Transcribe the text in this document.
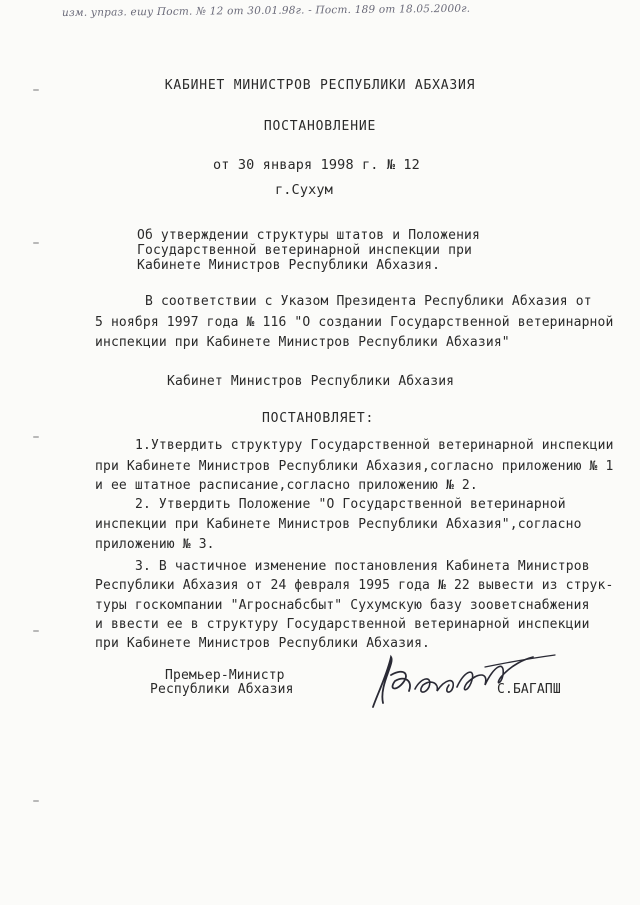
изм. упраз. ешу Пост. № 12 от 30.01.98г. - Пост. 189 от 18.05.2000г.
КАБИНЕТ МИНИСТРОВ РЕСПУБЛИКИ АБХАЗИЯ
ПОСТАНОВЛЕНИЕ
от 30 января 1998 г. № 12
г.Сухум
Об утверждении структуры штатов и Положения
Государственной ветеринарной инспекции при
Кабинете Министров Республики Абхазия.
В соответствии с Указом Президента Республики Абхазия от
5 ноября 1997 года № 116 "О создании Государственной ветеринарной
инспекции при Кабинете Министров Республики Абхазия"
Кабинет Министров Республики Абхазия
ПОСТАНОВЛЯЕТ:
1.Утвердить структуру Государственной ветеринарной инспекции
при Кабинете Министров Республики Абхазия,согласно приложению № 1
и ее штатное расписание,согласно приложению № 2.
2. Утвердить Положение "О Государственной ветеринарной
инспекции при Кабинете Министров Республики Абхазия",согласно
приложению № 3.
3. В частичное изменение постановления Кабинета Министров
Республики Абхазия от 24 февраля 1995 года № 22 вывести из струк-
туры госкомпании "Агроснабсбыт" Сухумскую базу зооветснабжения
и ввести ее в структуру Государственной ветеринарной инспекции
при Кабинете Министров Республики Абхазия.
Премьер-Министр
Республики Абхазия	С.БАГАПШ
